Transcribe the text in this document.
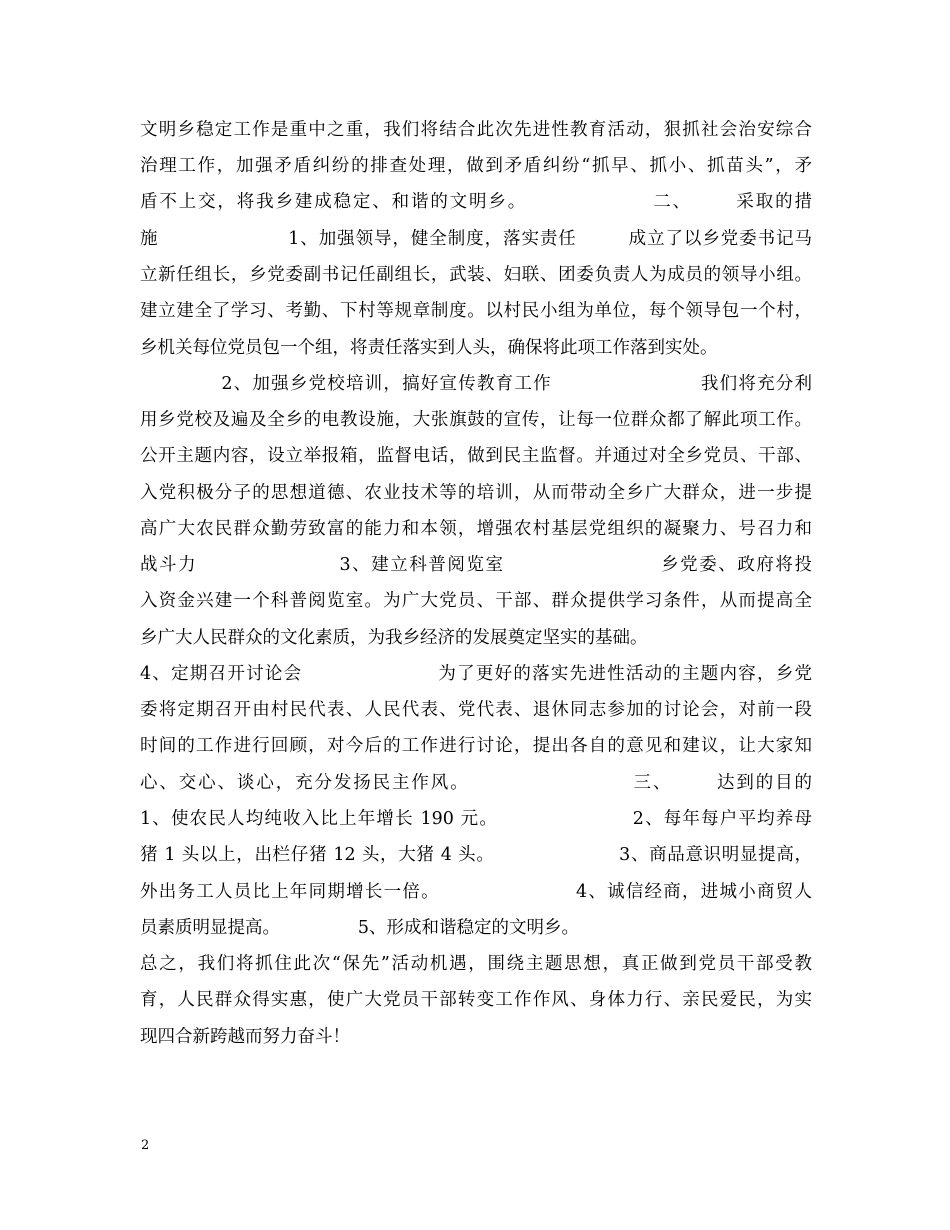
文明乡稳定工作是重中之重，我们将结合此次先进性教育活动，狠抓社会治安综合
治理工作，加强矛盾纠纷的排查处理，做到矛盾纠纷“抓早、抓小、抓苗头”，矛
盾不上交，将我乡建成稳定、和谐的文明乡。                 二、      采取的措
施                    1、加强领导，健全制度，落实责任        成立了以乡党委书记马
立新任组长，乡党委副书记任副组长，武装、妇联、团委负责人为成员的领导小组。
建立建全了学习、考勤、下村等规章制度。以村民小组为单位，每个领导包一个村，
乡机关每位党员包一个组，将责任落实到人头，确保将此项工作落到实处。
2、加强乡党校培训，搞好宣传教育工作                      我们将充分利
用乡党校及遍及全乡的电教设施，大张旗鼓的宣传，让每一位群众都了解此项工作。
公开主题内容，设立举报箱，监督电话，做到民主监督。并通过对全乡党员、干部、
入党积极分子的思想道德、农业技术等的培训，从而带动全乡广大群众，进一步提
高广大农民群众勤劳致富的能力和本领，增强农村基层党组织的凝聚力、号召力和
战斗力                    3、建立科普阅览室                      乡党委、政府将投
入资金兴建一个科普阅览室。为广大党员、干部、群众提供学习条件，从而提高全
乡广大人民群众的文化素质，为我乡经济的发展奠定坚实的基础。
4、定期召开讨论会                    为了更好的落实先进性活动的主题内容，乡党
委将定期召开由村民代表、人民代表、党代表、退休同志参加的讨论会，对前一段
时间的工作进行回顾，对今后的工作进行讨论，提出各自的意见和建议，让大家知
心、交心、谈心，充分发扬民主作风。                      三、      达到的目的
1、使农民人均纯收入比上年增长 190 元。                    2、每年每户平均养母
猪 1 头以上，出栏仔猪 12 头，大猪 4 头。                    3、商品意识明显提高，
外出务工人员比上年同期增长一倍。                    4、诚信经商，进城小商贸人
员素质明显提高。              5、形成和谐稳定的文明乡。
总之，我们将抓住此次“保先”活动机遇，围绕主题思想，真正做到党员干部受教
育，人民群众得实惠，使广大党员干部转变工作作风、身体力行、亲民爱民，为实
现四合新跨越而努力奋斗！
2
